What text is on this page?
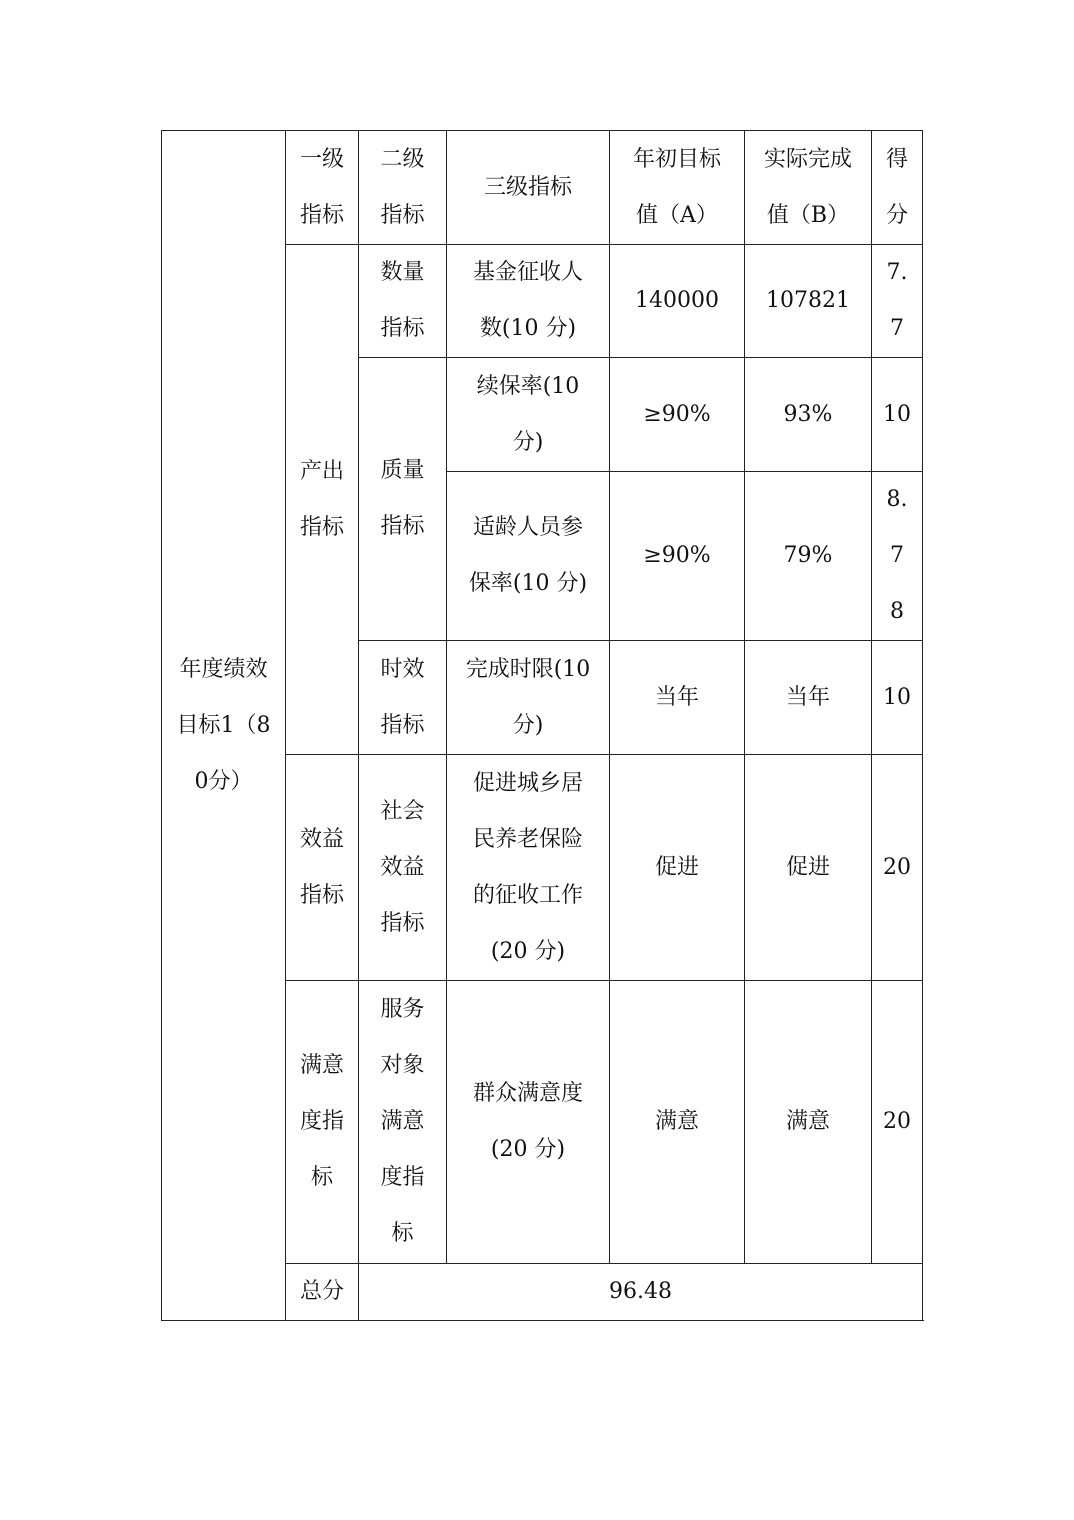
年度绩效目标1（80分）	一级指标	二级指标	三级指标	年初目标值（A）	实际完成值（B）	得分
	产出指标	数量指标	基金征收人数(10 分)	140000	107821	7.7
		质量指标	续保率(10分)	≥90%	93%	10
			适龄人员参保率(10 分)	≥90%	79%	8.78
		时效指标	完成时限(10分)	当年	当年	10
	效益指标	社会效益指标	促进城乡居民养老保险的征收工作(20 分)	促进	促进	20
	满意度指标	服务对象满意度指标	群众满意度(20 分)	满意	满意	20
	总分	96.48				
